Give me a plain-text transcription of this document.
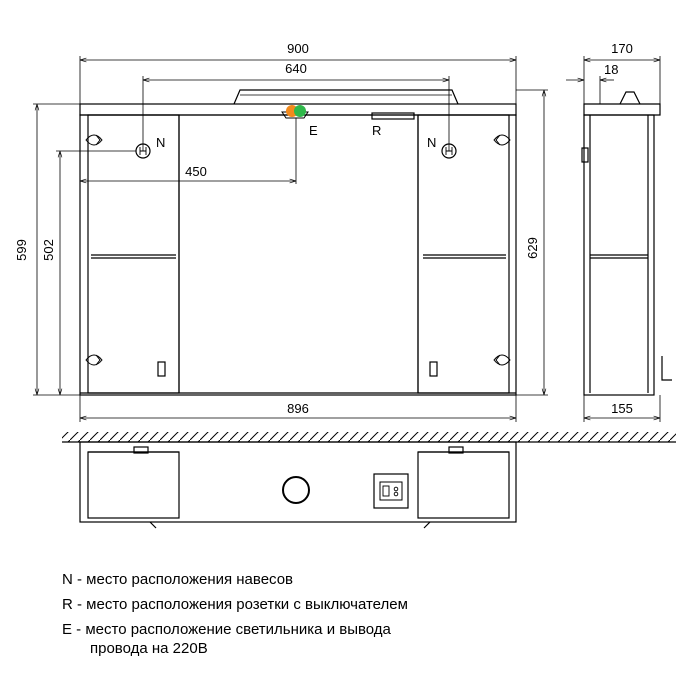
900
640
450
896
599 502	629
N	N
E	R
170
18
155
N - место расположения навесов
R - место расположения розетки с выключателем
E - место расположение светильника и вывода
провода на 220В
